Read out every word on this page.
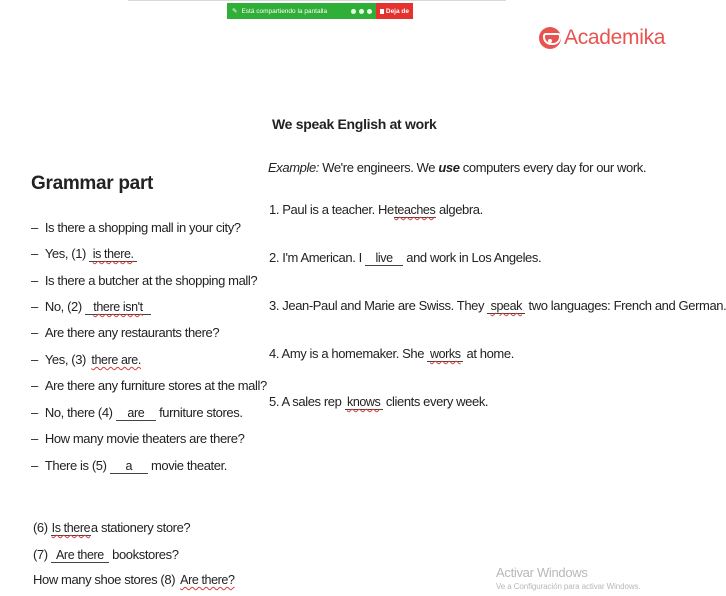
✎ Está compartiendo la pantalla	Deja de
Academika
We speak English at work
Grammar part
– Is there a shopping mall in your city?
– Yes, (1) is there.
– Is there a butcher at the shopping mall?
– No, (2) there isn't
– Are there any restaurants there?
– Yes, (3) there are.
– Are there any furniture stores at the mall?
– No, there (4) are furniture stores.
– How many movie theaters are there?
– There is (5) a movie theater.
(6) Is therea stationery store?
(7) Are there bookstores?
How many shoe stores (8) Are there?
Example: We're engineers. We use computers every day for our work.
1. Paul is a teacher. Heteaches algebra.
2. I'm American. I live and work in Los Angeles.
3. Jean-Paul and Marie are Swiss. They speak two languages: French and German.
4. Amy is a homemaker. She works at home.
5. A sales rep knows clients every week.
Activar Windows
Ve a Configuración para activar Windows.
